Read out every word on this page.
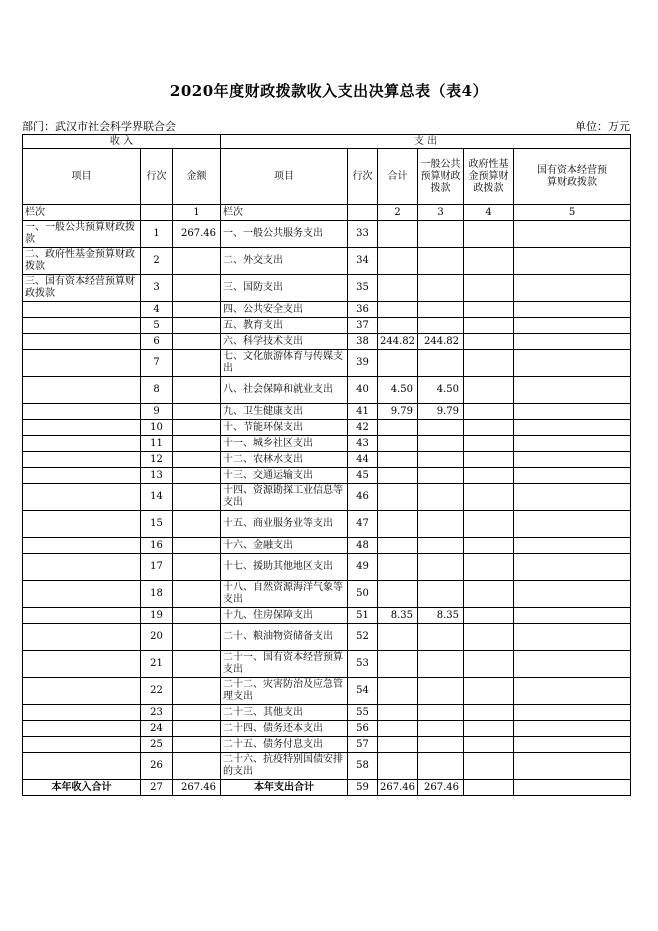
2020年度财政拨款收入支出决算总表（表4）
部门：武汉市社会科学界联合会	单位：万元
收 入			支 出					
项目	行次	金额	项目	行次	合计	一般公共预算财政拨款	政府性基金预算财政拨款	国有资本经营预算财政拨款
栏次		1	栏次		2	3	4	5
一、一般公共预算财政拨款	1	267.46	一、一般公共服务支出	33				
二、政府性基金预算财政拨款	2		二、外交支出	34				
三、国有资本经营预算财政拨款	3		三、国防支出	35				
	4		四、公共安全支出	36				
	5		五、教育支出	37				
	6		六、科学技术支出	38	244.82	244.82		
	7		七、文化旅游体育与传媒支出	39				
	8		八、社会保障和就业支出	40	4.50	4.50		
	9		九、卫生健康支出	41	9.79	9.79		
	10		十、节能环保支出	42				
	11		十一、城乡社区支出	43				
	12		十二、农林水支出	44				
	13		十三、交通运输支出	45				
	14		十四、资源勘探工业信息等支出	46				
	15		十五、商业服务业等支出	47				
	16		十六、金融支出	48				
	17		十七、援助其他地区支出	49				
	18		十八、自然资源海洋气象等支出	50				
	19		十九、住房保障支出	51	8.35	8.35		
	20		二十、粮油物资储备支出	52				
	21		二十一、国有资本经营预算支出	53				
	22		二十二、灾害防治及应急管理支出	54				
	23		二十三、其他支出	55				
	24		二十四、债务还本支出	56				
	25		二十五、债务付息支出	57				
	26		二十六、抗疫特别国债安排的支出	58				
本年收入合计	27	267.46	本年支出合计	59	267.46	267.46		
